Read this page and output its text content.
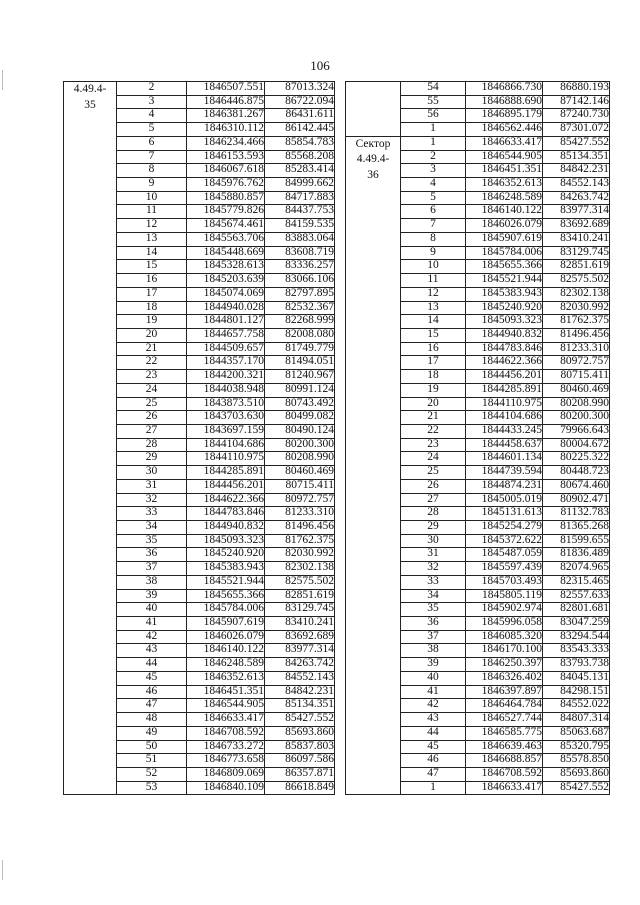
106
4.49.4-
35	2	1846507.551	87013.324
	3	1846446.875	86722.094
	4	1846381.267	86431.611
	5	1846310.112	86142.445
	6	1846234.466	85854.783
	7	1846153.593	85568.208
	8	1846067.618	85283.414
	9	1845976.762	84999.662
	10	1845880.857	84717.883
	11	1845779.826	84437.753
	12	1845674.461	84159.535
	13	1845563.706	83883.064
	14	1845448.669	83608.719
	15	1845328.613	83336.257
	16	1845203.639	83066.106
	17	1845074.069	82797.895
	18	1844940.028	82532.367
	19	1844801.127	82268.999
	20	1844657.758	82008.080
	21	1844509.657	81749.779
	22	1844357.170	81494.051
	23	1844200.321	81240.967
	24	1844038.948	80991.124
	25	1843873.510	80743.492
	26	1843703.630	80499.082
	27	1843697.159	80490.124
	28	1844104.686	80200.300
	29	1844110.975	80208.990
	30	1844285.891	80460.469
	31	1844456.201	80715.411
	32	1844622.366	80972.757
	33	1844783.846	81233.310
	34	1844940.832	81496.456
	35	1845093.323	81762.375
	36	1845240.920	82030.992
	37	1845383.943	82302.138
	38	1845521.944	82575.502
	39	1845655.366	82851.619
	40	1845784.006	83129.745
	41	1845907.619	83410.241
	42	1846026.079	83692.689
	43	1846140.122	83977.314
	44	1846248.589	84263.742
	45	1846352.613	84552.143
	46	1846451.351	84842.231
	47	1846544.905	85134.351
	48	1846633.417	85427.552
	49	1846708.592	85693.860
	50	1846733.272	85837.803
	51	1846773.658	86097.586
	52	1846809.069	86357.871
	53	1846840.109	86618.849
	54	1846866.730	86880.193
	55	1846888.690	87142.146
	56	1846895.179	87240.730
	1	1846562.446	87301.072

Сектор
4.49.4-
36	1	1846633.417	85427.552
	2	1846544.905	85134.351
	3	1846451.351	84842.231
	4	1846352.613	84552.143
	5	1846248.589	84263.742
	6	1846140.122	83977.314
	7	1846026.079	83692.689
	8	1845907.619	83410.241
	9	1845784.006	83129.745
	10	1845655.366	82851.619
	11	1845521.944	82575.502
	12	1845383.943	82302.138
	13	1845240.920	82030.992
	14	1845093.323	81762.375
	15	1844940.832	81496.456
	16	1844783.846	81233.310
	17	1844622.366	80972.757
	18	1844456.201	80715.411
	19	1844285.891	80460.469
	20	1844110.975	80208.990
	21	1844104.686	80200.300
	22	1844433.245	79966.643
	23	1844458.637	80004.672
	24	1844601.134	80225.322
	25	1844739.594	80448.723
	26	1844874.231	80674.460
	27	1845005.019	80902.471
	28	1845131.613	81132.783
	29	1845254.279	81365.268
	30	1845372.622	81599.655
	31	1845487.059	81836.489
	32	1845597.439	82074.965
	33	1845703.493	82315.465
	34	1845805.119	82557.633
	35	1845902.974	82801.681
	36	1845996.058	83047.259
	37	1846085.320	83294.544
	38	1846170.100	83543.333
	39	1846250.397	83793.738
	40	1846326.402	84045.131
	41	1846397.897	84298.151
	42	1846464.784	84552.022
	43	1846527.744	84807.314
	44	1846585.775	85063.687
	45	1846639.463	85320.795
	46	1846688.857	85578.850
	47	1846708.592	85693.860
	1	1846633.417	85427.552
